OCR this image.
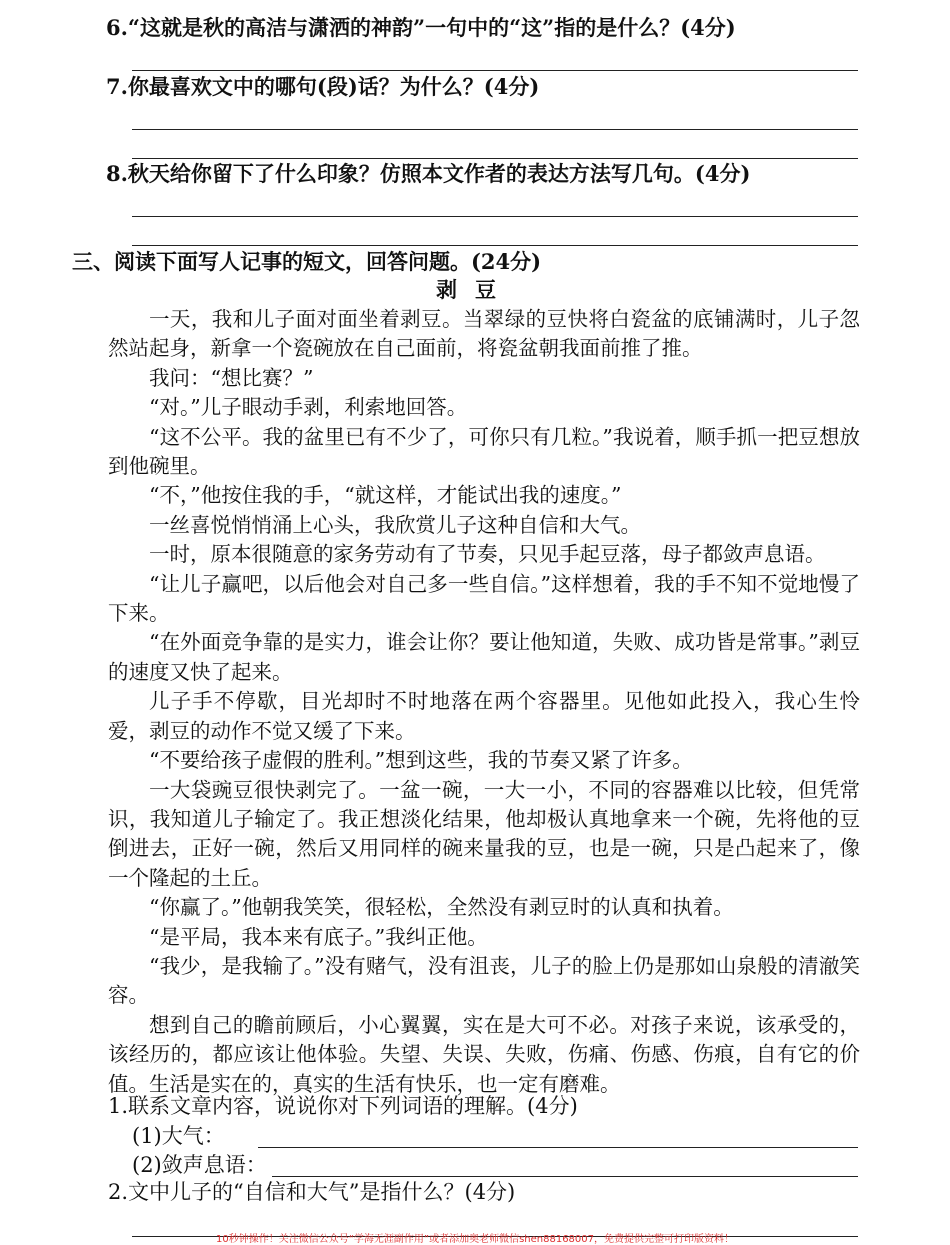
6.“这就是秋的高洁与潇洒的神韵”一句中的“这”指的是什么？(4分)
7.你最喜欢文中的哪句(段)话？为什么？(4分)
8.秋天给你留下了什么印象？仿照本文作者的表达方法写几句。(4分)
三、阅读下面写人记事的短文，回答问题。(24分)
剥豆

一天，我和儿子面对面坐着剥豆。当翠绿的豆快将白瓷盆的底铺满时，儿子忽然站起身，新拿一个瓷碗放在自己面前，将瓷盆朝我面前推了推。

我问：“想比赛？”

“对。”儿子眼动手剥，利索地回答。

“这不公平。我的盆里已有不少了，可你只有几粒。”我说着，顺手抓一把豆想放到他碗里。

“不，”他按住我的手，“就这样，才能试出我的速度。”

一丝喜悦悄悄涌上心头，我欣赏儿子这种自信和大气。

一时，原本很随意的家务劳动有了节奏，只见手起豆落，母子都敛声息语。

“让儿子赢吧，以后他会对自己多一些自信。”这样想着，我的手不知不觉地慢了下来。

“在外面竞争靠的是实力，谁会让你？要让他知道，失败、成功皆是常事。”剥豆的速度又快了起来。

儿子手不停歇，目光却时不时地落在两个容器里。见他如此投入，我心生怜爱，剥豆的动作不觉又缓了下来。

“不要给孩子虚假的胜利。”想到这些，我的节奏又紧了许多。

一大袋豌豆很快剥完了。一盆一碗，一大一小，不同的容器难以比较，但凭常识，我知道儿子输定了。我正想淡化结果，他却极认真地拿来一个碗，先将他的豆倒进去，正好一碗，然后又用同样的碗来量我的豆，也是一碗，只是凸起来了，像一个隆起的土丘。

“你赢了。”他朝我笑笑，很轻松，全然没有剥豆时的认真和执着。

“是平局，我本来有底子。”我纠正他。

“我少，是我输了。”没有赌气，没有沮丧，儿子的脸上仍是那如山泉般的清澈笑容。

想到自己的瞻前顾后，小心翼翼，实在是大可不必。对孩子来说，该承受的，该经历的，都应该让他体验。失望、失误、失败，伤痛、伤感、伤痕，自有它的价值。生活是实在的，真实的生活有快乐，也一定有磨难。

1.联系文章内容，说说你对下列词语的理解。(4分)
(1)大气：
(2)敛声息语：
2.文中儿子的“自信和大气”是指什么？(4分)
10秒钟操作！关注微信公众号“学海无涯副作用”或者添加奥老师微信shen88168007，免费提供完整可打印版资料！
